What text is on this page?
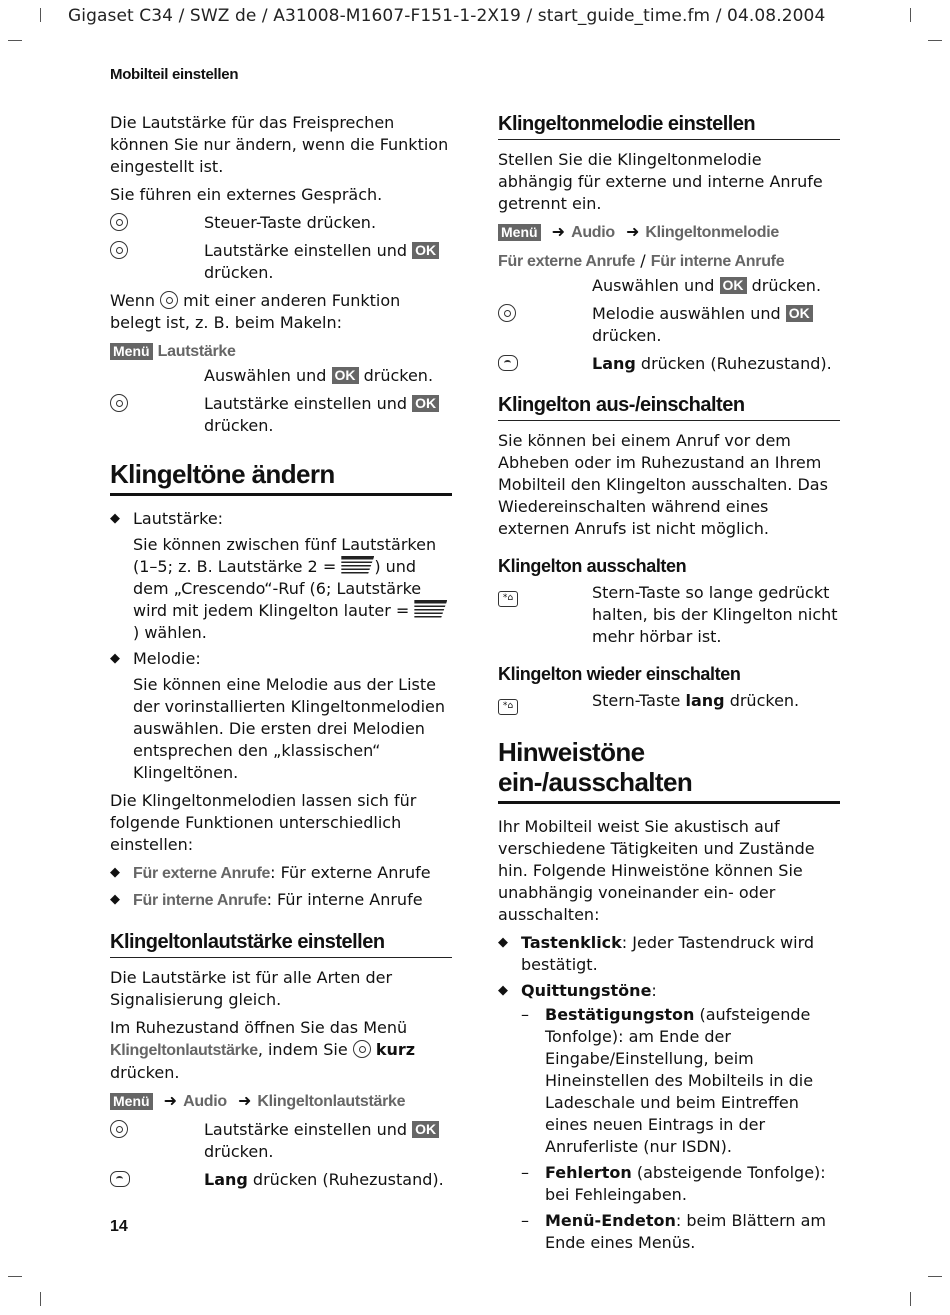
Gigaset C34 / SWZ de / A31008-M1607-F151-1-2X19 / start_guide_time.fm / 04.08.2004
Mobilteil einstellen

Die Lautstärke für das Freisprechen können Sie nur ändern, wenn die Funktion eingestellt ist.

Sie führen ein externes Gespräch.

Steuer-Taste drücken.
Lautstärke einstellen und OK
drücken.

Wenn  mit einer anderen Funktion belegt ist, z. B. beim Makeln:

Menü Lautstärke
Auswählen und OK drücken.
Lautstärke einstellen und OK
drücken.
Klingeltöne ändern
◆ Lautstärke:
Sie können zwischen fünf Lautstärken (1–5; z. B. Lautstärke 2 = ) und dem „Crescendo“-Ruf (6; Lautstärke wird mit jedem Klingelton lauter =  ) wählen.
◆ Melodie:
Sie können eine Melodie aus der Liste der vorinstallierten Klingeltonmelodien auswählen. Die ersten drei Melodien entsprechen den „klassischen“ Klingeltönen.

Die Klingeltonmelodien lassen sich für folgende Funktionen unterschiedlich einstellen:

◆ Für externe Anrufe: Für externe Anrufe
◆ Für interne Anrufe: Für interne Anrufe
Klingeltonlautstärke einstellen

Die Lautstärke ist für alle Arten der Signalisierung gleich.

Im Ruhezustand öffnen Sie das Menü Klingeltonlautstärke, indem Sie  kurz drücken.

Menü ➜ Audio ➜ Klingeltonlautstärke
Lautstärke einstellen und OK
drücken.
Lang drücken (Ruhezustand).
Klingeltonmelodie einstellen

Stellen Sie die Klingeltonmelodie abhängig für externe und interne Anrufe getrennt ein.

Menü ➜ Audio ➜ Klingeltonmelodie
Für externe Anrufe / Für interne Anrufe
Auswählen und OK drücken.
Melodie auswählen und OK
drücken.
Lang drücken (Ruhezustand).
Klingelton aus-/einschalten

Sie können bei einem Anruf vor dem Abheben oder im Ruhezustand an Ihrem Mobilteil den Klingelton ausschalten. Das Wiedereinschalten während eines externen Anrufs ist nicht möglich.

Klingelton ausschalten
*⌂	Stern-Taste so lange gedrückt halten, bis der Klingelton nicht mehr hörbar ist.
Klingelton wieder einschalten
*⌂	Stern-Taste lang drücken.
Hinweistöne ein-/ausschalten

Ihr Mobilteil weist Sie akustisch auf verschiedene Tätigkeiten und Zustände hin. Folgende Hinweistöne können Sie unabhängig voneinander ein- oder ausschalten:

◆ Tastenklick: Jeder Tastendruck wird bestätigt.
◆ Quittungstöne:
– Bestätigungston (aufsteigende Tonfolge): am Ende der Eingabe/Einstellung, beim Hineinstellen des Mobilteils in die Ladeschale und beim Eintreffen eines neuen Eintrags in der Anruferliste (nur ISDN).
– Fehlerton (absteigende Tonfolge): bei Fehleingaben.
– Menü-Endeton: beim Blättern am Ende eines Menüs.
14
